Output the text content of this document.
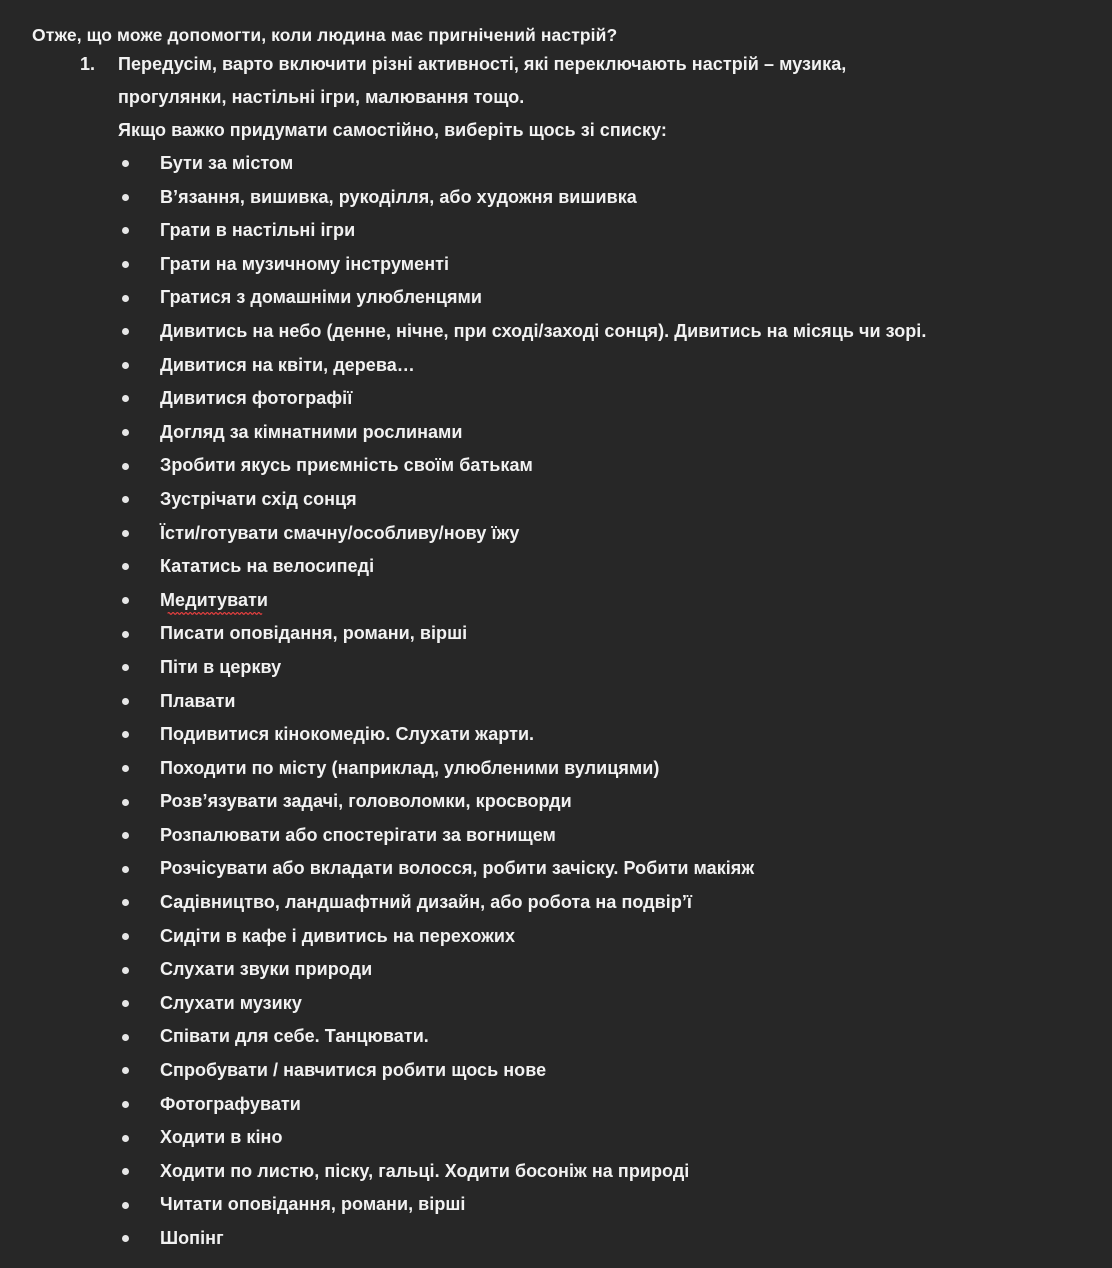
Отже, що може допомогти, коли людина має пригнічений настрій?

1.	Передусім, варто включити різні активності, які переключають настрій – музика,
прогулянки, настільні ігри, малювання тощо.
Якщо важко придумати самостійно, виберіть щось зі списку:
Бути за містом
В’язання, вишивка, рукоділля, або художня вишивка
Грати в настільні ігри
Грати на музичному інструменті
Гратися з домашніми улюбленцями
Дивитись на небо (денне, нічне, при сході/заході сонця). Дивитись на місяць чи зорі.
Дивитися на квіти, дерева…
Дивитися фотографії
Догляд за кімнатними рослинами
Зробити якусь приємність своїм батькам
Зустрічати схід сонця
Їсти/готувати смачну/особливу/нову їжу
Кататись на велосипеді
Медитувати
Писати оповідання, романи, вірші
Піти в церкву
Плавати
Подивитися кінокомедію. Слухати жарти.
Походити по місту (наприклад, улюбленими вулицями)
Розв’язувати задачі, головоломки, кросворди
Розпалювати або спостерігати за вогнищем
Розчісувати або вкладати волосся, робити зачіску. Робити макіяж
Садівництво, ландшафтний дизайн, або робота на подвір’ї
Сидіти в кафе і дивитись на перехожих
Слухати звуки природи
Слухати музику
Співати для себе. Танцювати.
Спробувати / навчитися робити щось нове
Фотографувати
Ходити в кіно
Ходити по листю, піску, гальці. Ходити босоніж на природі
Читати оповідання, романи, вірші
Шопінг
